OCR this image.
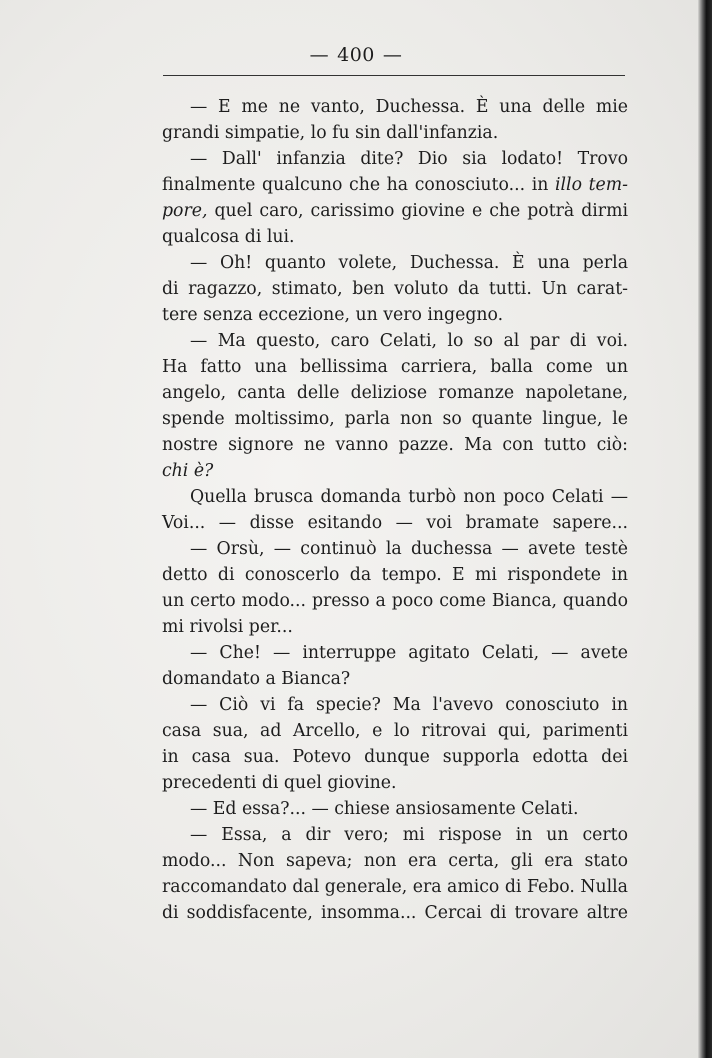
— 400 —
— E me ne vanto, Duchessa. È una delle mie
grandi simpatie, lo fu sin dall'infanzia.
— Dall' infanzia dite? Dio sia lodato! Trovo
finalmente qualcuno che ha conosciuto... in illo tem-
pore, quel caro, carissimo giovine e che potrà dirmi
qualcosa di lui.
— Oh! quanto volete, Duchessa. È una perla
di ragazzo, stimato, ben voluto da tutti. Un carat-
tere senza eccezione, un vero ingegno.
— Ma questo, caro Celati, lo so al par di voi.
Ha fatto una bellissima carriera, balla come un
angelo, canta delle deliziose romanze napoletane,
spende moltissimo, parla non so quante lingue, le
nostre signore ne vanno pazze. Ma con tutto ciò:
chi è?
Quella brusca domanda turbò non poco Celati —
Voi... — disse esitando — voi bramate sapere...
— Orsù, — continuò la duchessa — avete testè
detto di conoscerlo da tempo. E mi rispondete in
un certo modo... presso a poco come Bianca, quando
mi rivolsi per...
— Che! — interruppe agitato Celati, — avete
domandato a Bianca?
— Ciò vi fa specie? Ma l'avevo conosciuto in
casa sua, ad Arcello, e lo ritrovai qui, parimenti
in casa sua. Potevo dunque supporla edotta dei
precedenti di quel giovine.
— Ed essa?... — chiese ansiosamente Celati.
— Essa, a dir vero; mi rispose in un certo
modo... Non sapeva; non era certa, gli era stato
raccomandato dal generale, era amico di Febo. Nulla
di soddisfacente, insomma... Cercai di trovare altre
